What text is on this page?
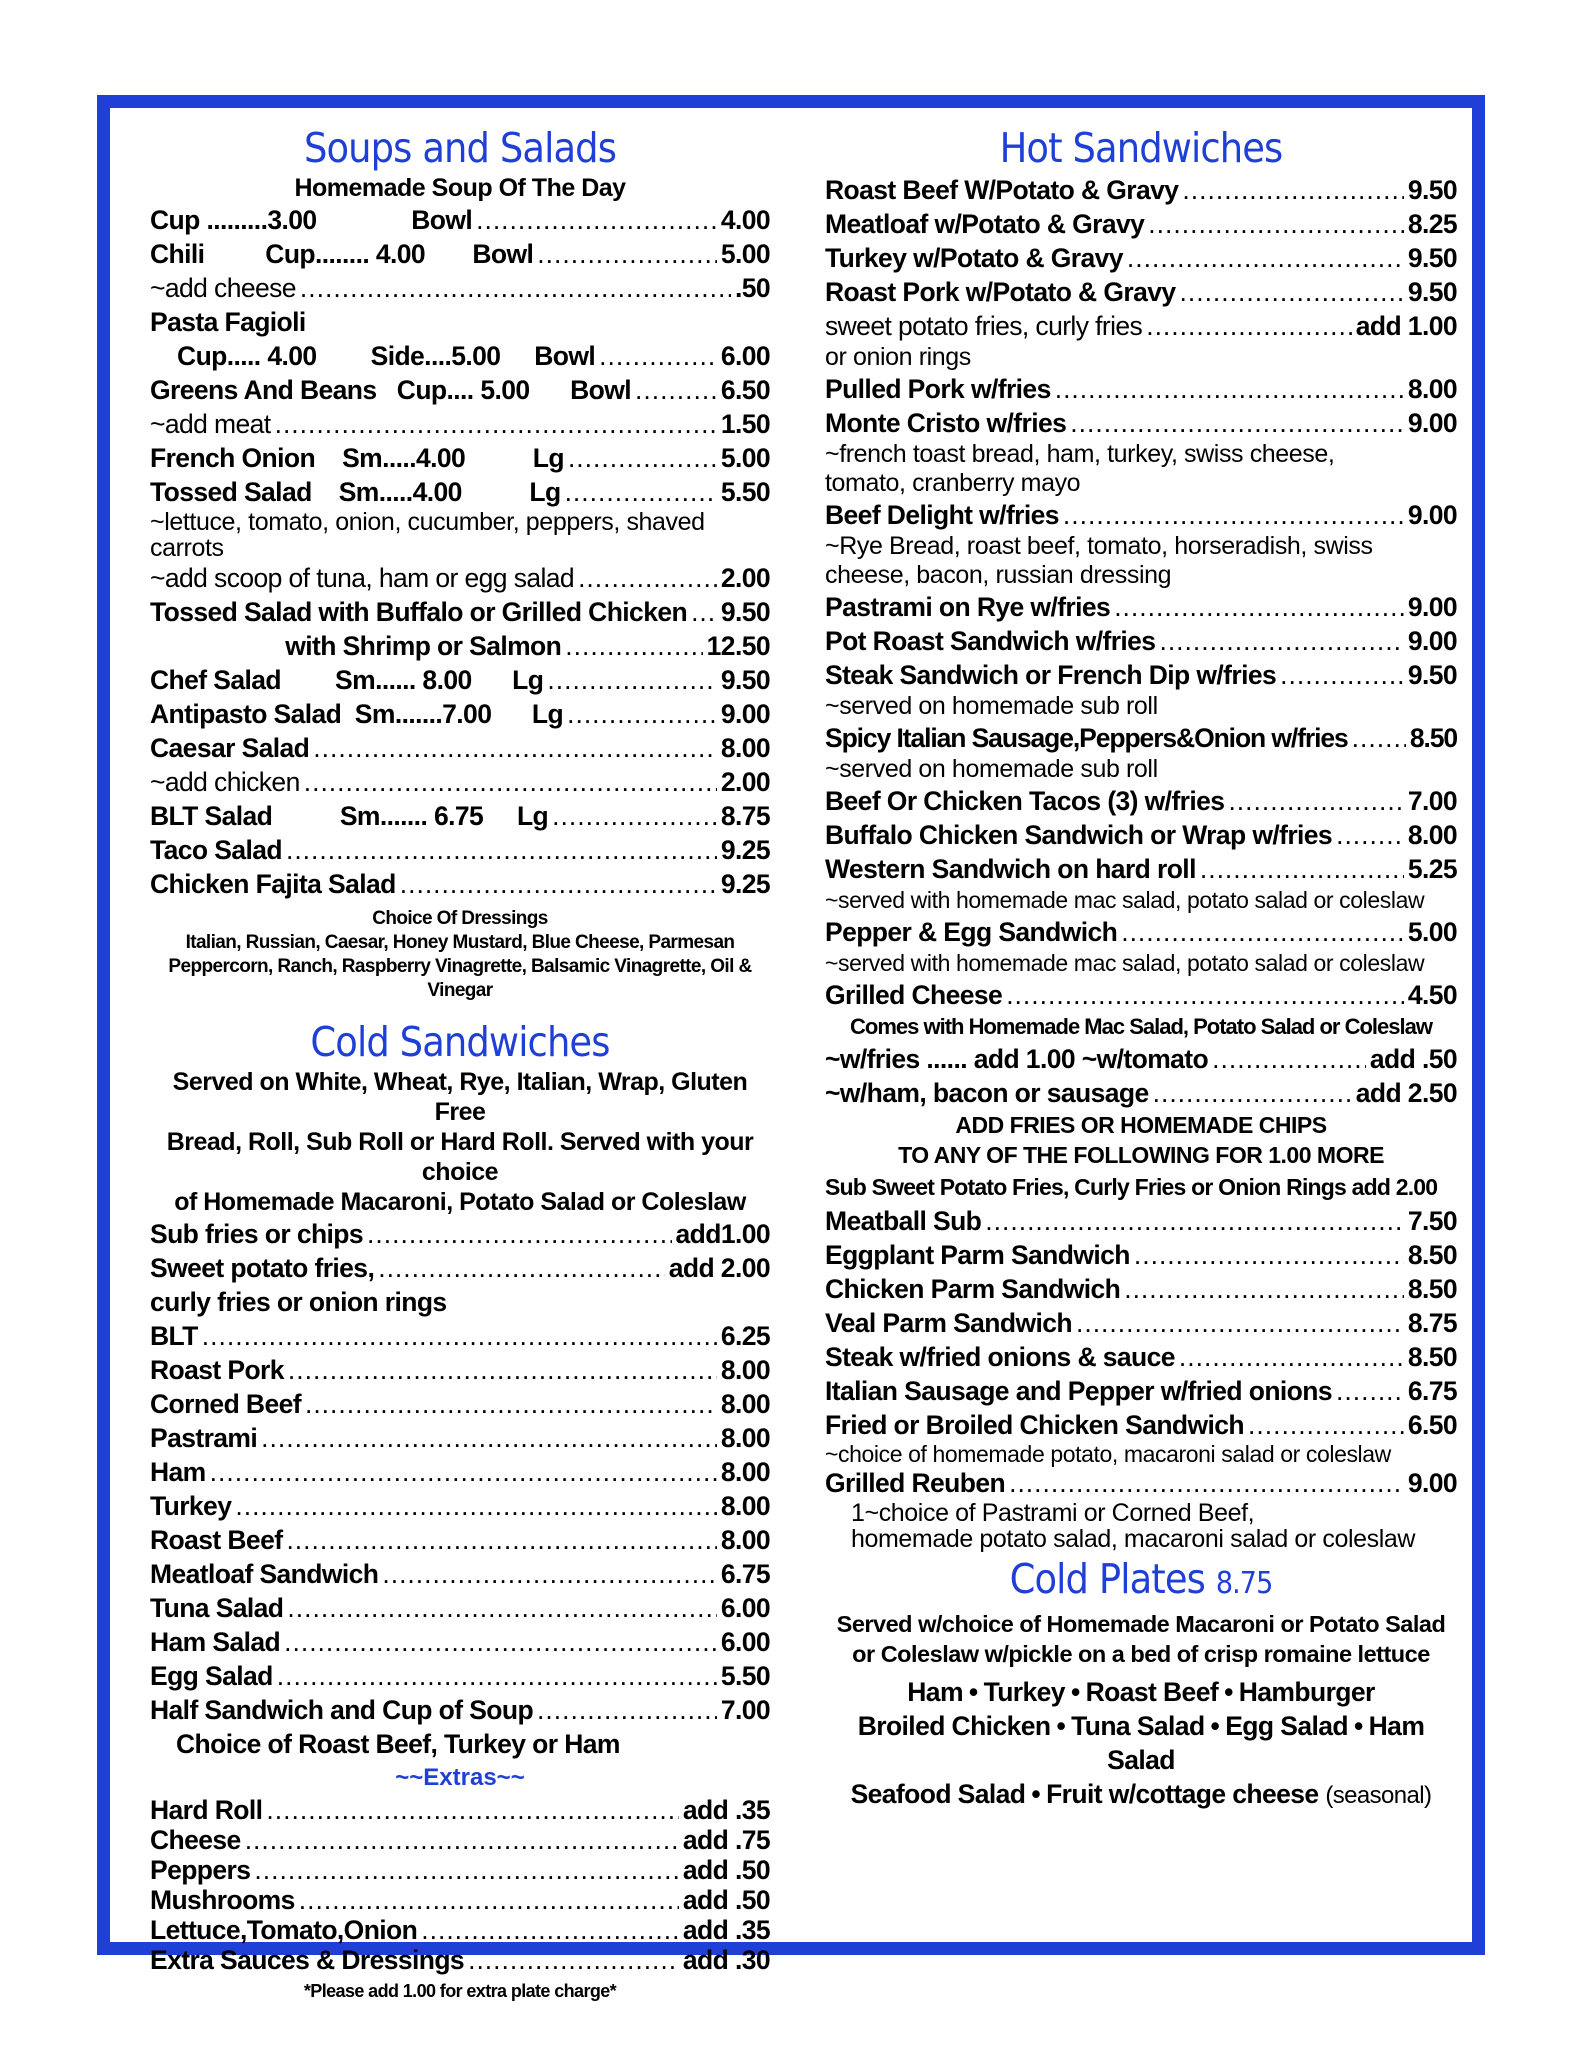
Soups and Salads
Homemade Soup Of The Day
Cup .........3.00              Bowl .....	4.00
Chili         Cup........ 4.00       Bowl .....	5.00
~add cheese .....	.50
Pasta Fagioli
Cup..... 4.00        Side....5.00     Bowl .....	6.00
Greens And Beans   Cup.... 5.00      Bowl .....	6.50
~add meat .....	1.50
French Onion    Sm.....4.00          Lg .....	5.00
Tossed Salad    Sm.....4.00          Lg .....	5.50
~lettuce, tomato, onion, cucumber, peppers, shaved carrots
~add scoop of tuna, ham or egg salad .....	2.00
Tossed Salad with Buffalo or Grilled Chicken ..... 9.50
with Shrimp or Salmon .....	12.50
Chef Salad        Sm...... 8.00      Lg .....	9.50
Antipasto Salad  Sm.......7.00      Lg .....	9.00
Caesar Salad .....	8.00
~add chicken .....	2.00
BLT Salad          Sm....... 6.75     Lg .....	8.75
Taco Salad .....	9.25
Chicken Fajita Salad .....	9.25
Choice Of Dressings
Italian, Russian, Caesar, Honey Mustard, Blue Cheese, Parmesan
Peppercorn, Ranch, Raspberry Vinagrette, Balsamic Vinagrette, Oil & Vinegar
Cold Sandwiches
Served on White, Wheat, Rye, Italian, Wrap, Gluten Free
Bread, Roll, Sub Roll or Hard Roll. Served with your choice
of Homemade Macaroni, Potato Salad or Coleslaw
Sub fries or chips .....	add1.00
Sweet potato fries, .....	add 2.00
curly fries or onion rings
BLT .....	6.25
Roast Pork .....	8.00
Corned Beef .....	8.00
Pastrami .....	8.00
Ham .....	8.00
Turkey .....	8.00
Roast Beef .....	8.00
Meatloaf Sandwich .....	6.75
Tuna Salad .....	6.00
Ham Salad .....	6.00
Egg Salad .....	5.50
Half Sandwich and Cup of Soup .....	7.00
Choice of Roast Beef, Turkey or Ham
~~Extras~~
Hard Roll .....	add .35
Cheese .....	add .75
Peppers .....	add .50
Mushrooms .....	add .50
Lettuce,Tomato,Onion .....	add .35
Extra Sauces & Dressings .....	add .30
*Please add 1.00 for extra plate charge*
Hot Sandwiches
Roast Beef W/Potato & Gravy .....	9.50
Meatloaf w/Potato & Gravy .....	8.25
Turkey w/Potato & Gravy .....	9.50
Roast Pork w/Potato & Gravy .....	9.50
sweet potato fries, curly fries .....	add 1.00
or onion rings
Pulled Pork w/fries .....	8.00
Monte Cristo w/fries .....	9.00
~french toast bread, ham, turkey, swiss cheese,
tomato, cranberry mayo
Beef Delight w/fries .....	9.00
~Rye Bread, roast beef, tomato, horseradish, swiss
cheese, bacon, russian dressing
Pastrami on Rye w/fries .....	9.00
Pot Roast Sandwich w/fries .....	9.00
Steak Sandwich or French Dip w/fries .....	9.50
~served on homemade sub roll
Spicy Italian Sausage,Peppers&Onion w/fries ..... 8.50
~served on homemade sub roll
Beef Or Chicken Tacos (3) w/fries .....	7.00
Buffalo Chicken Sandwich or Wrap w/fries .....	8.00
Western Sandwich on hard roll .....	5.25
~served with homemade mac salad, potato salad or coleslaw
Pepper & Egg Sandwich .....	5.00
~served with homemade mac salad, potato salad or coleslaw
Grilled Cheese .....	4.50
Comes with Homemade Mac Salad, Potato Salad or Coleslaw
~w/fries ...... add 1.00 ~w/tomato .....	add .50
~w/ham, bacon or sausage .....	add 2.50
ADD FRIES OR HOMEMADE CHIPS
TO ANY OF THE FOLLOWING FOR 1.00 MORE
Sub Sweet Potato Fries, Curly Fries or Onion Rings add 2.00
Meatball Sub .....	7.50
Eggplant Parm Sandwich .....	8.50
Chicken Parm Sandwich .....	8.50
Veal Parm Sandwich .....	8.75
Steak w/fried onions & sauce .....	8.50
Italian Sausage and Pepper w/fried onions .....	6.75
Fried or Broiled Chicken Sandwich .....	6.50
~choice of homemade potato, macaroni salad or coleslaw
Grilled Reuben .....	9.00
1~choice of Pastrami or Corned Beef,
homemade potato salad, macaroni salad or coleslaw
Cold Plates 8.75
Served w/choice of Homemade Macaroni or Potato Salad
or Coleslaw w/pickle on a bed of crisp romaine lettuce
Ham • Turkey • Roast Beef • Hamburger
Broiled Chicken • Tuna Salad • Egg Salad • Ham Salad
Seafood Salad • Fruit w/cottage cheese (seasonal)
